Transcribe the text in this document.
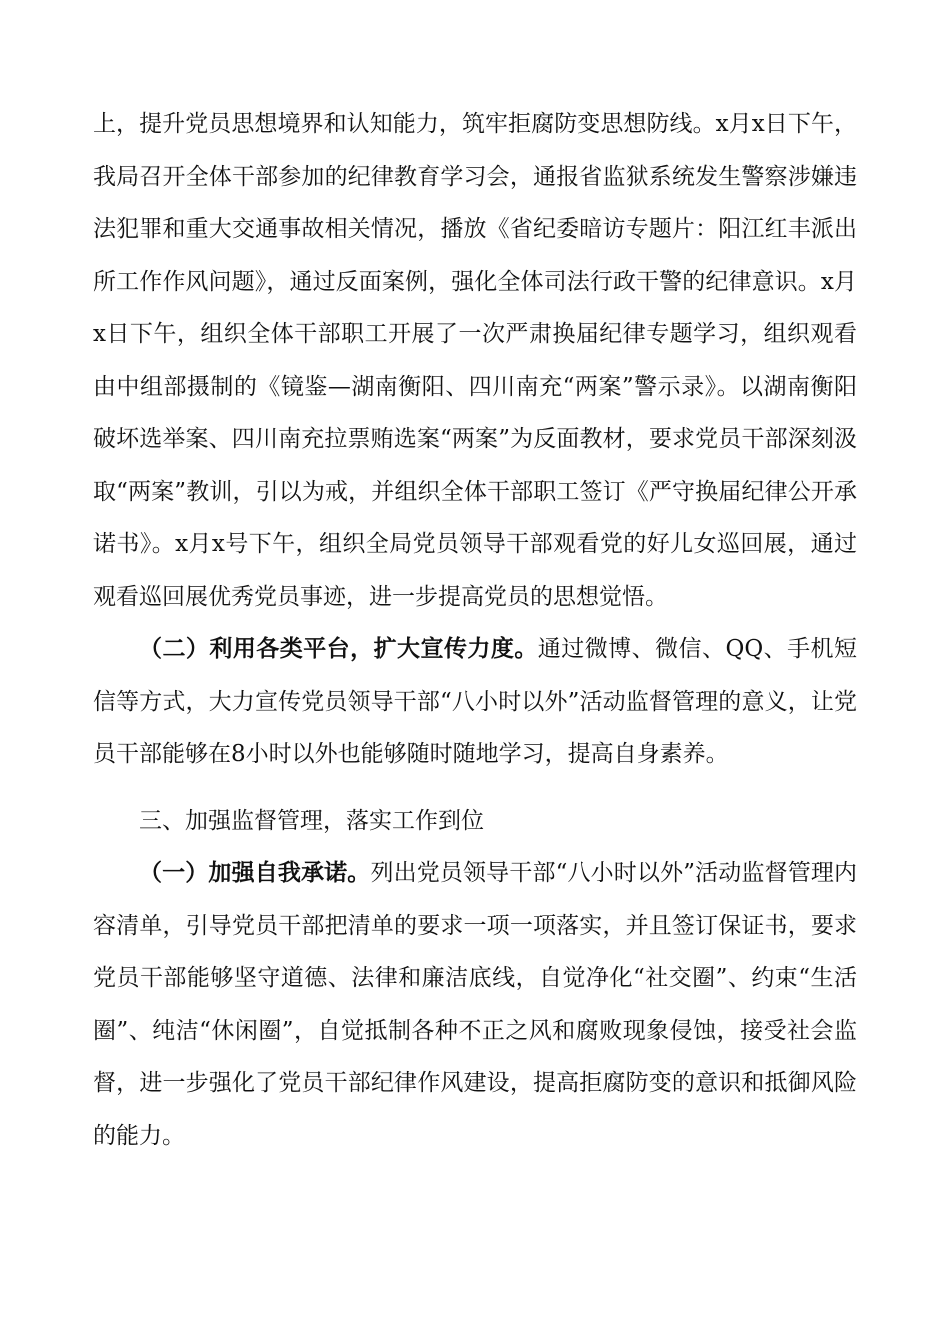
上，提升党员思想境界和认知能力，筑牢拒腐防变思想防线。x月x日下午，我局召开全体干部参加的纪律教育学习会，通报省监狱系统发生警察涉嫌违法犯罪和重大交通事故相关情况，播放《省纪委暗访专题片：阳江红丰派出所工作作风问题》，通过反面案例，强化全体司法行政干警的纪律意识。x月x日下午，组织全体干部职工开展了一次严肃换届纪律专题学习，组织观看由中组部摄制的《镜鉴—湖南衡阳、四川南充“两案”警示录》。以湖南衡阳破坏选举案、四川南充拉票贿选案“两案”为反面教材，要求党员干部深刻汲取“两案”教训，引以为戒，并组织全体干部职工签订《严守换届纪律公开承诺书》。x月x号下午，组织全局党员领导干部观看党的好儿女巡回展，通过观看巡回展优秀党员事迹，进一步提高党员的思想觉悟。

（二）利用各类平台，扩大宣传力度。通过微博、微信、QQ、手机短信等方式，大力宣传党员领导干部“八小时以外”活动监督管理的意义，让党员干部能够在8小时以外也能够随时随地学习，提高自身素养。

三、加强监督管理，落实工作到位

（一）加强自我承诺。列出党员领导干部“八小时以外”活动监督管理内容清单，引导党员干部把清单的要求一项一项落实，并且签订保证书，要求党员干部能够坚守道德、法律和廉洁底线，自觉净化“社交圈”、约束“生活圈”、纯洁“休闲圈”，自觉抵制各种不正之风和腐败现象侵蚀，接受社会监督，进一步强化了党员干部纪律作风建设，提高拒腐防变的意识和抵御风险的能力。
